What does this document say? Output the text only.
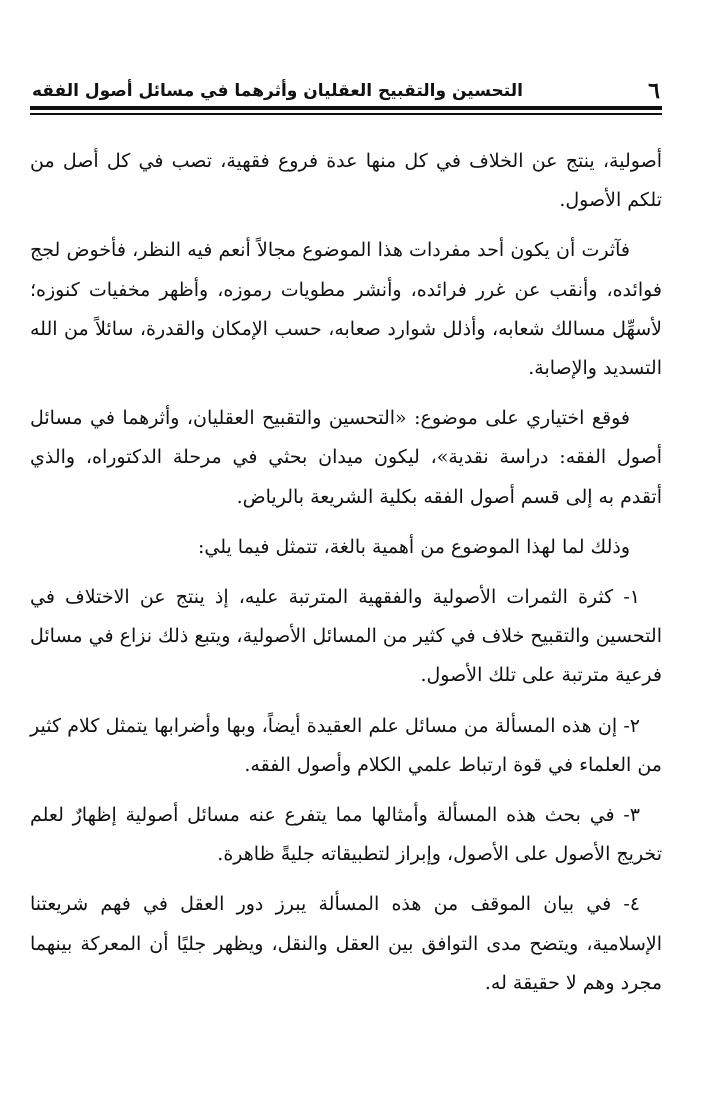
٦
التحسين والتقبيح العقليان وأثرهما في مسائل أصول الفقه

أصولية، ينتج عن الخلاف في كل منها عدة فروع فقهية، تصب في كل أصل من تلكم الأصول.

فآثرت أن يكون أحد مفردات هذا الموضوع مجالاً أنعم فيه النظر، فأخوض لجج فوائده، وأنقب عن غرر فرائده، وأنشر مطويات رموزه، وأظهر مخفيات كنوزه؛ لأسهِّل مسالك شعابه، وأذلل شوارد صعابه، حسب الإمكان والقدرة، سائلاً من الله التسديد والإصابة.

فوقع اختياري على موضوع: «التحسين والتقبيح العقليان، وأثرهما في مسائل أصول الفقه: دراسة نقدية»، ليكون ميدان بحثي في مرحلة الدكتوراه، والذي أتقدم به إلى قسم أصول الفقه بكلية الشريعة بالرياض.

وذلك لما لهذا الموضوع من أهمية بالغة، تتمثل فيما يلي:

١- كثرة الثمرات الأصولية والفقهية المترتبة عليه، إذ ينتج عن الاختلاف في التحسين والتقبيح خلاف في كثير من المسائل الأصولية، ويتبع ذلك نزاع في مسائل فرعية مترتبة على تلك الأصول.

٢- إن هذه المسألة من مسائل علم العقيدة أيضاً، وبها وأضرابها يتمثل كلام كثير من العلماء في قوة ارتباط علمي الكلام وأصول الفقه.

٣- في بحث هذه المسألة وأمثالها مما يتفرع عنه مسائل أصولية إظهارٌ لعلم تخريج الأصول على الأصول، وإبراز لتطبيقاته جليةً ظاهرة.

٤- في بيان الموقف من هذه المسألة يبرز دور العقل في فهم شريعتنا الإسلامية، ويتضح مدى التوافق بين العقل والنقل، ويظهر جليًا أن المعركة بينهما مجرد وهم لا حقيقة له.
